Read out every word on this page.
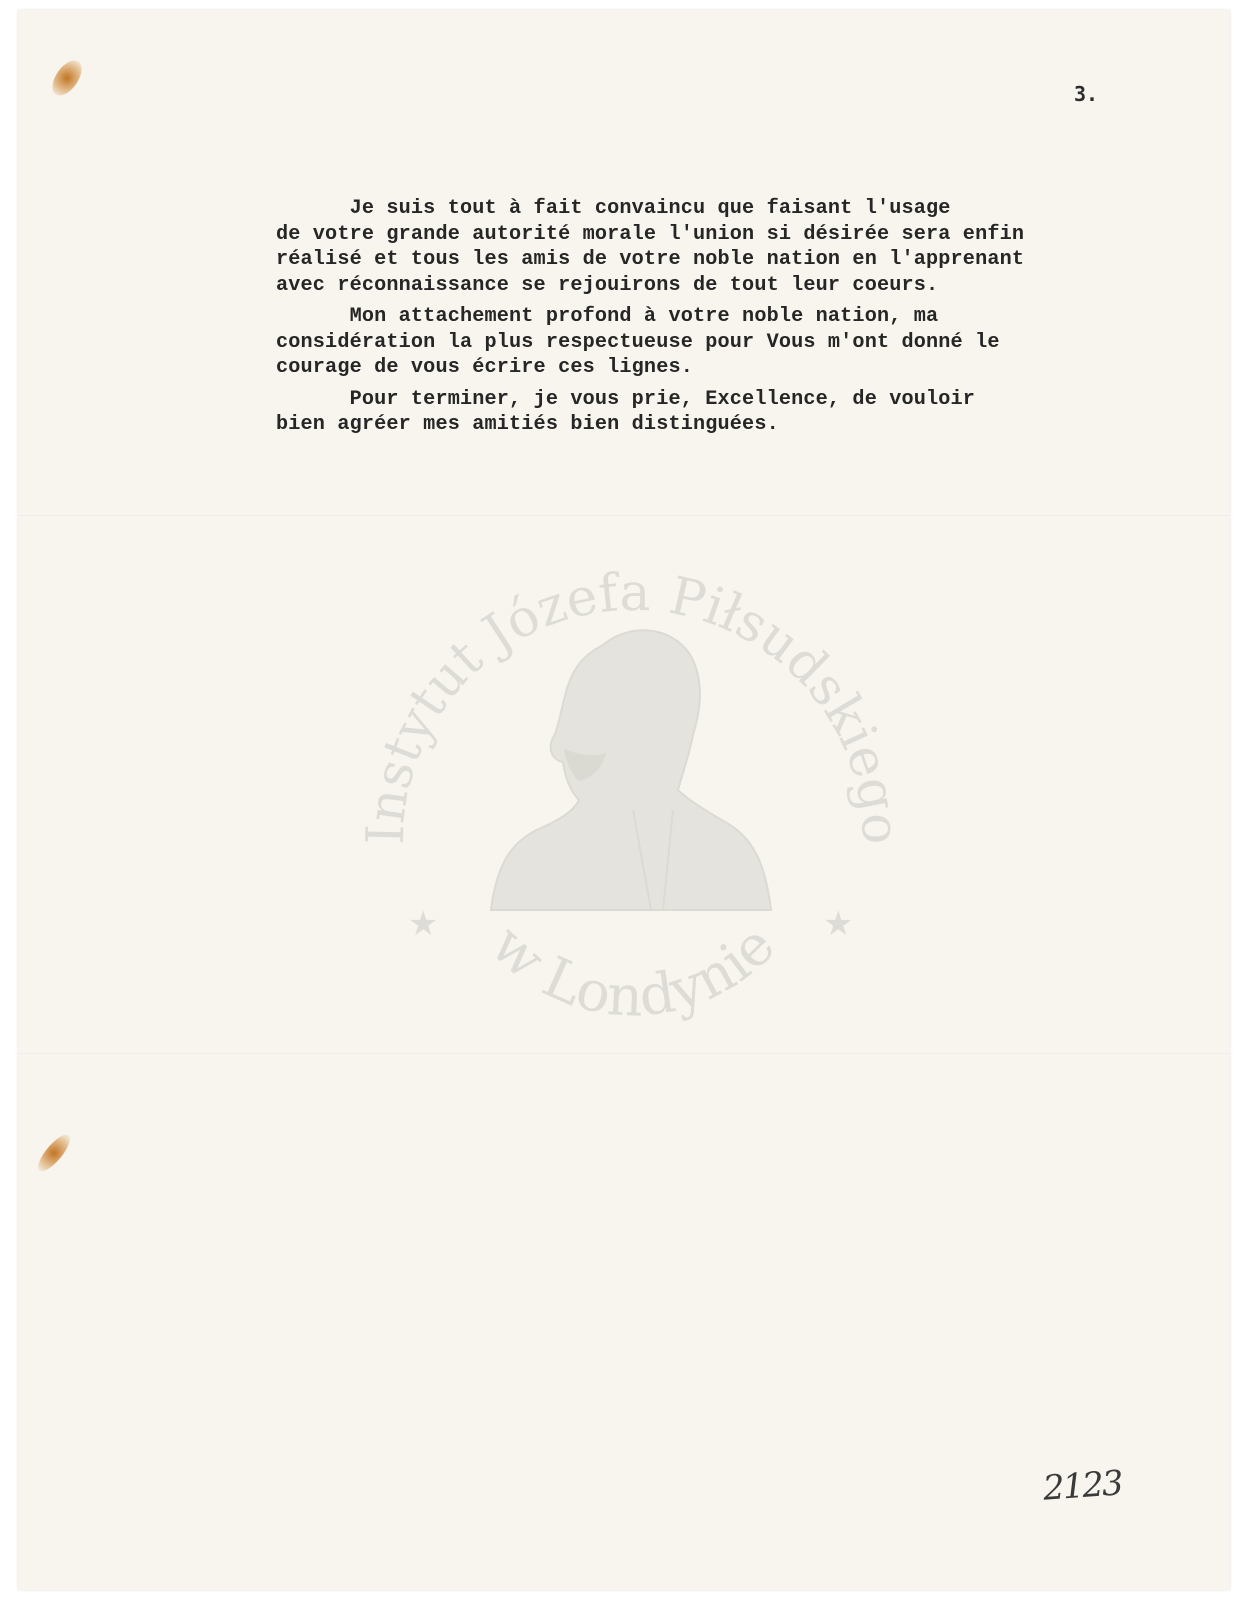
3.
Je suis tout à fait convaincu que faisant l'usage
de votre grande autorité morale l'union si désirée sera enfin
réalisé et tous les amis de votre noble nation en l'apprenant
avec réconnaissance se rejouirons de tout leur coeurs.
Mon attachement profond à votre noble nation, ma
considération la plus respectueuse pour Vous m'ont donné le
courage de vous écrire ces lignes.
Pour terminer, je vous prie, Excellence, de vouloir
bien agréer mes amitiés bien distinguées.
Instytut Józefa Piłsudskiego
w Londynie
★	★
2123
